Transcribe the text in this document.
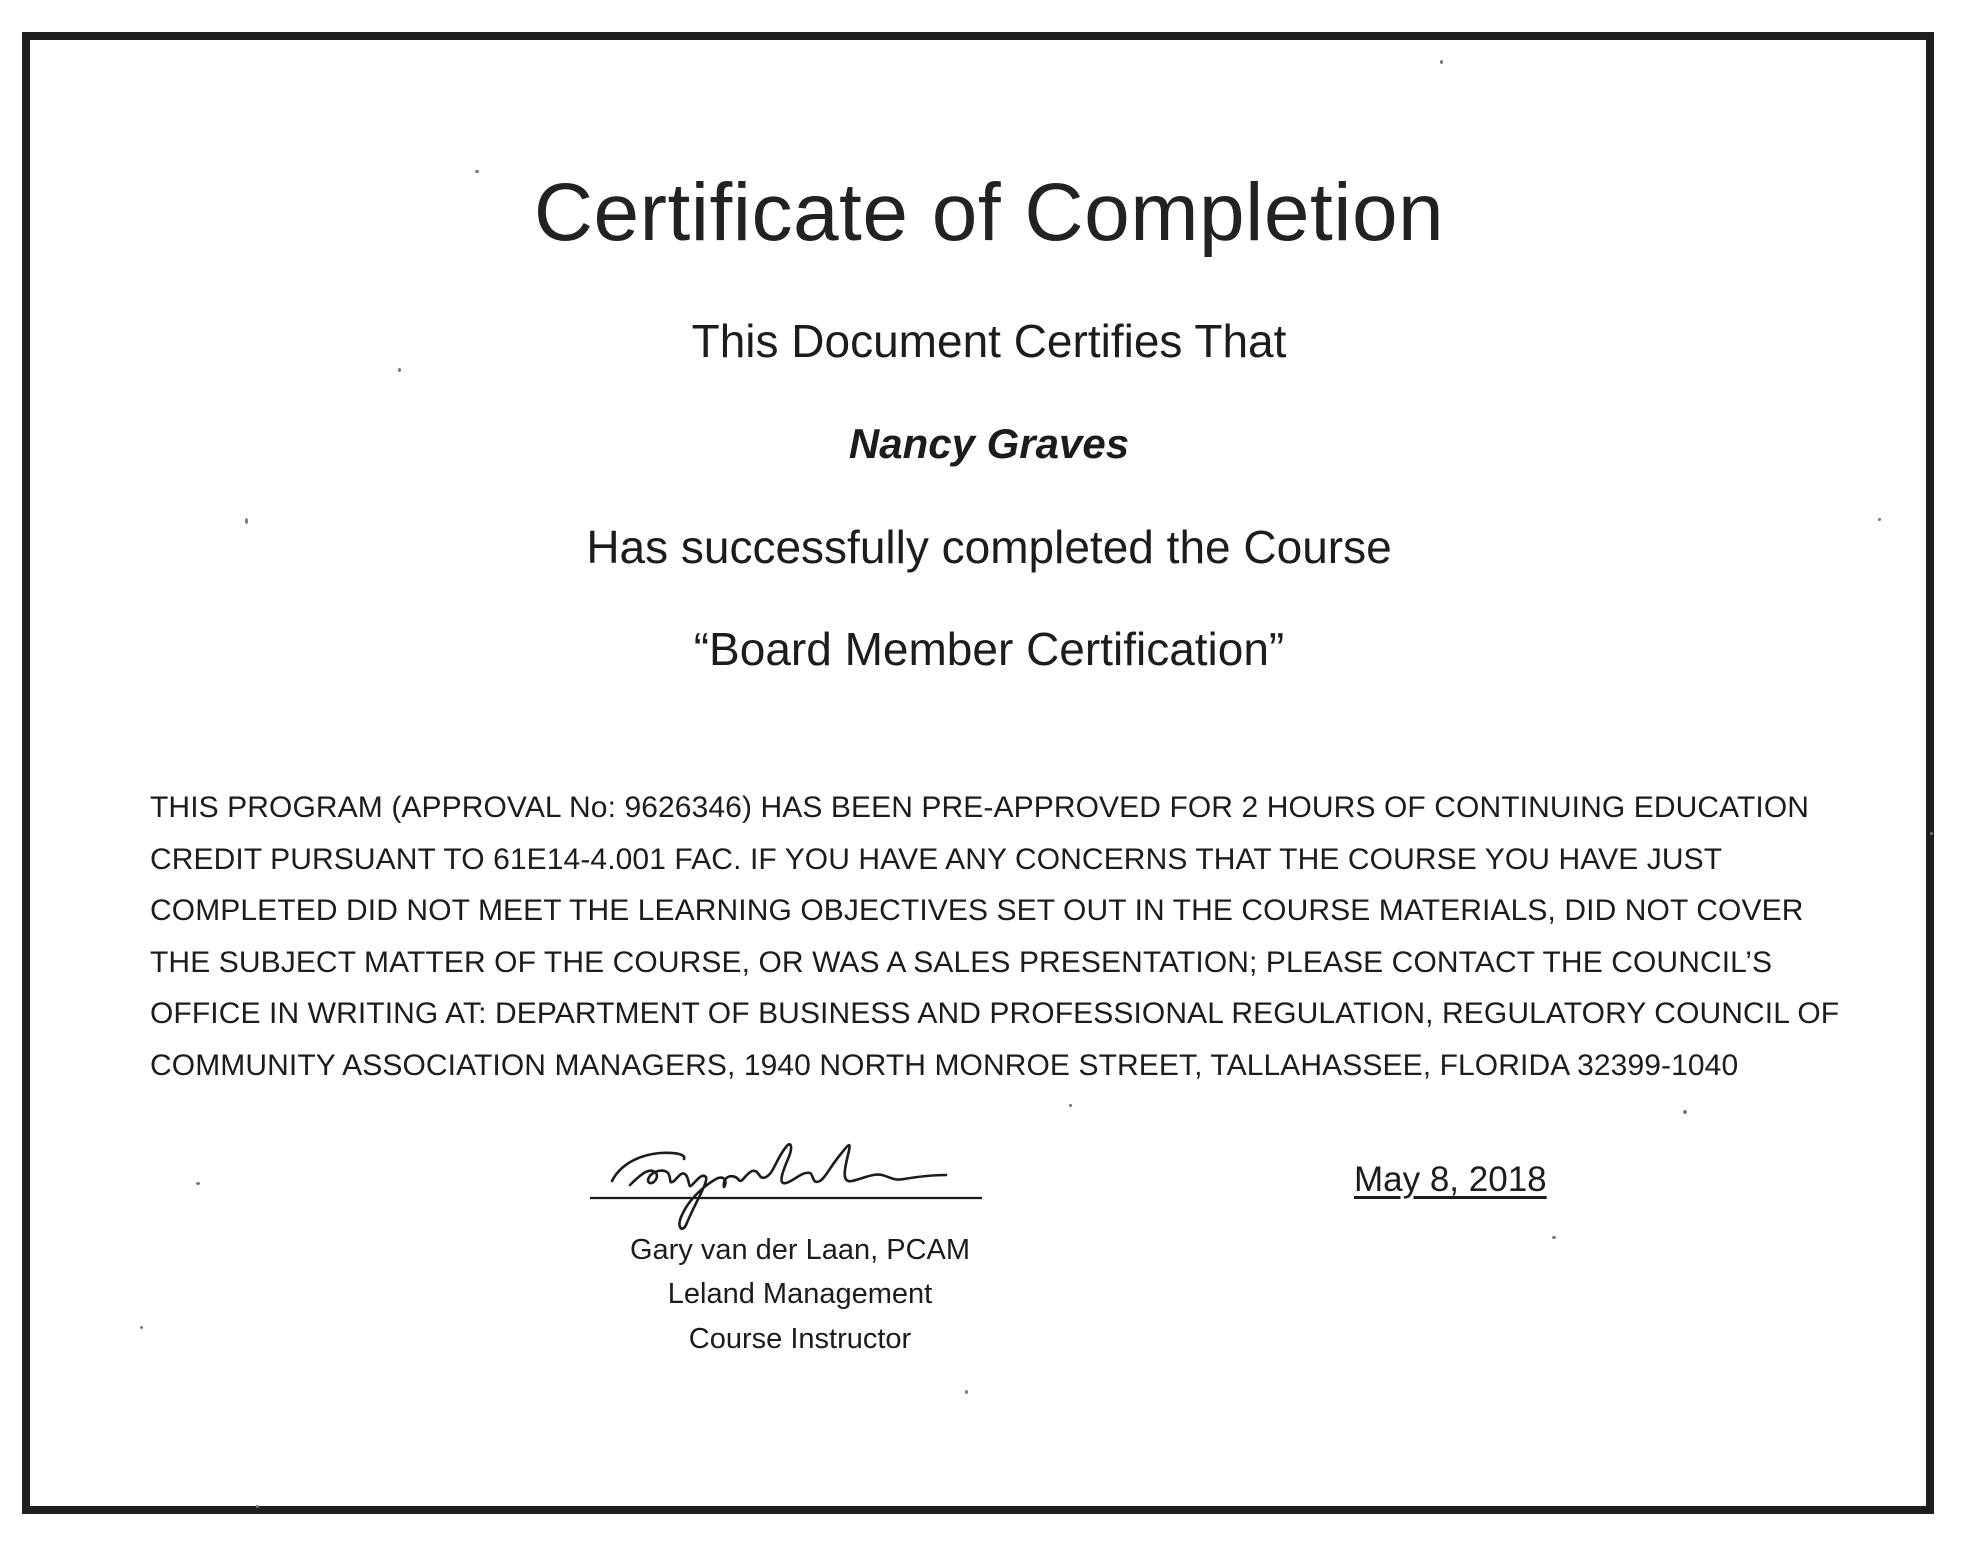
Certificate of Completion
This Document Certifies That
Nancy Graves
Has successfully completed the Course
“Board Member Certification”

THIS PROGRAM (APPROVAL No: 9626346) HAS BEEN PRE-APPROVED FOR 2 HOURS OF CONTINUING EDUCATION
CREDIT PURSUANT TO 61E14-4.001 FAC. IF YOU HAVE ANY CONCERNS THAT THE COURSE YOU HAVE JUST
COMPLETED DID NOT MEET THE LEARNING OBJECTIVES SET OUT IN THE COURSE MATERIALS, DID NOT COVER
THE SUBJECT MATTER OF THE COURSE, OR WAS A SALES PRESENTATION; PLEASE CONTACT THE COUNCIL’S
OFFICE IN WRITING AT: DEPARTMENT OF BUSINESS AND PROFESSIONAL REGULATION, REGULATORY COUNCIL OF
COMMUNITY ASSOCIATION MANAGERS, 1940 NORTH MONROE STREET, TALLAHASSEE, FLORIDA 32399-1040

Gary van der Laan, PCAM
Leland Management
Course Instructor
May 8, 2018
